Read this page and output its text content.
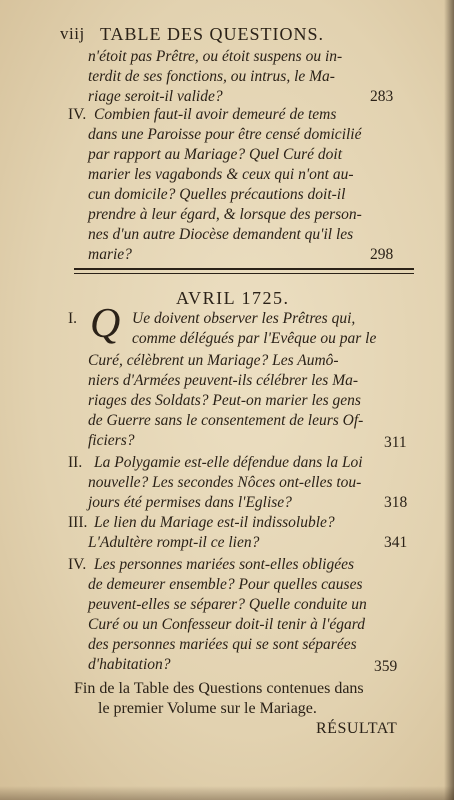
viij TABLE DES QUESTIONS.
n'étoit pas Prêtre, ou étoit suspens ou in-
terdit de ses fonctions, ou intrus, le Ma-
riage seroit-il valide?	283
IV. Combien faut-il avoir demeuré de tems
dans une Paroisse pour être censé domicilié
par rapport au Mariage? Quel Curé doit
marier les vagabonds & ceux qui n'ont au-
cun domicile? Quelles précautions doit-il
prendre à leur égard, & lorsque des person-
nes d'un autre Diocèse demandent qu'il les
marie?	298
AVRIL 1725.
I. Q Ue doivent observer les Prêtres qui,
comme délégués par l'Evêque ou par le
Curé, célèbrent un Mariage? Les Aumô-
niers d'Armées peuvent-ils célébrer les Ma-
riages des Soldats? Peut-on marier les gens
de Guerre sans le consentement de leurs Of-
ficiers?	311
II. La Polygamie est-elle défendue dans la Loi
nouvelle? Les secondes Nôces ont-elles tou-
jours été permises dans l'Eglise?	318
III. Le lien du Mariage est-il indissoluble?
L'Adultère rompt-il ce lien?	341
IV. Les personnes mariées sont-elles obligées
de demeurer ensemble? Pour quelles causes
peuvent-elles se séparer? Quelle conduite un
Curé ou un Confesseur doit-il tenir à l'égard
des personnes mariées qui se sont séparées
d'habitation?	359
Fin de la Table des Questions contenues dans
le premier Volume sur le Mariage.
RÉSULTAT
